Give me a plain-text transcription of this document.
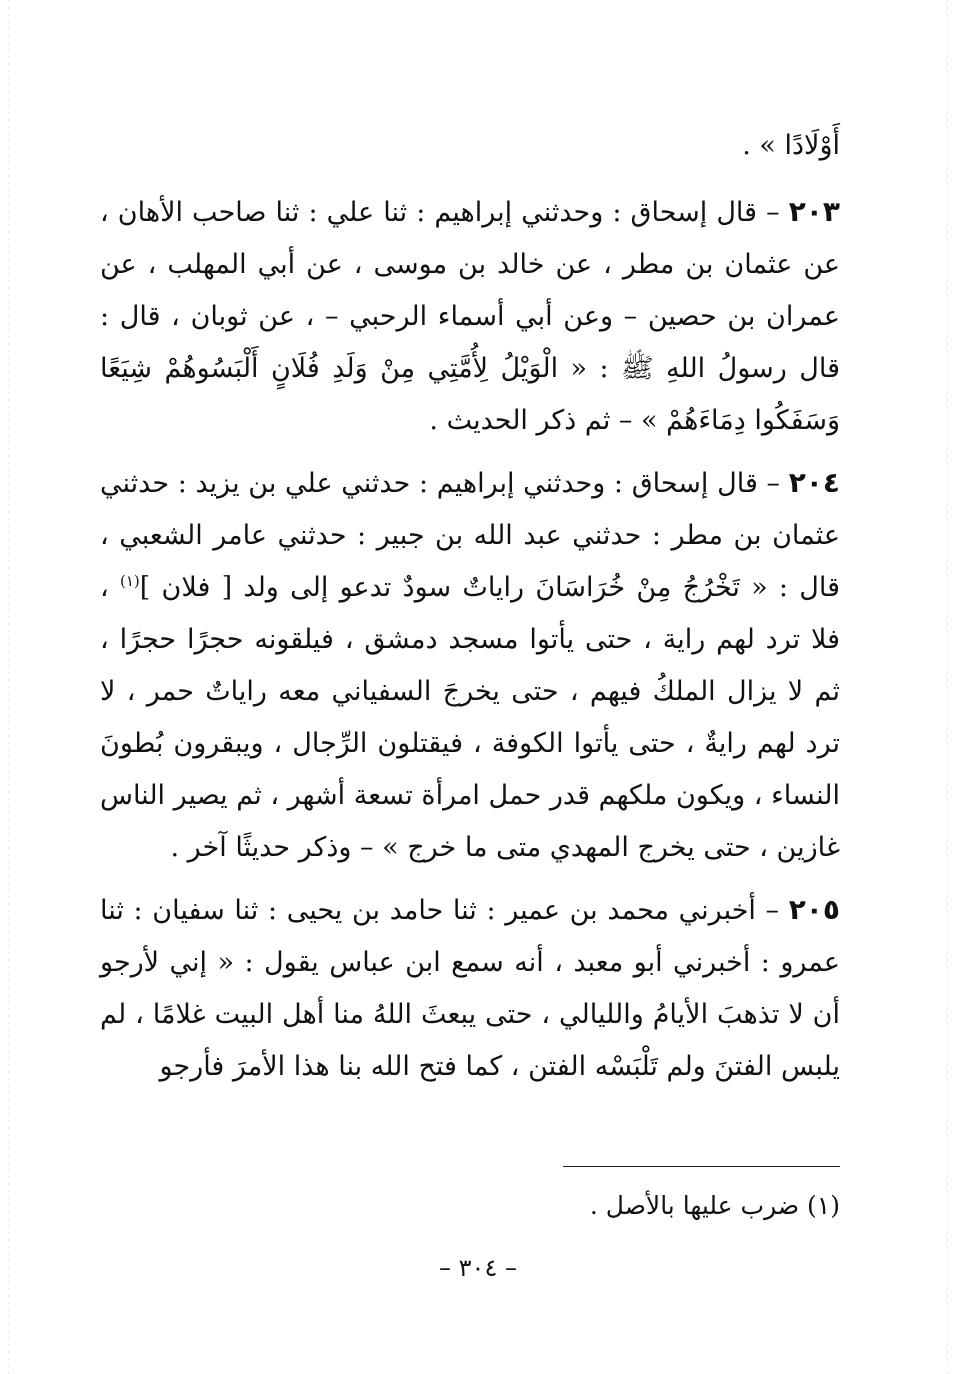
أَوْلَادًا » .

٢٠٣ – قال إسحاق : وحدثني إبراهيم : ثنا علي : ثنا صاحب الأهان ، عن عثمان بن مطر ، عن خالد بن موسى ، عن أبي المهلب ، عن عمران بن حصين – وعن أبي أسماء الرحبي – ، عن ثوبان ، قال : قال رسولُ اللهِ ﷺ : « الْوَيْلُ لِأُمَّتِي مِنْ وَلَدِ فُلَانٍ أَلْبَسُوهُمْ شِيَعًا وَسَفَكُوا دِمَاءَهُمْ » – ثم ذكر الحديث .

٢٠٤ – قال إسحاق : وحدثني إبراهيم : حدثني علي بن يزيد : حدثني عثمان بن مطر : حدثني عبد الله بن جبير : حدثني عامر الشعبي ، قال : « تَخْرُجُ مِنْ خُرَاسَانَ راياتٌ سودٌ تدعو إلى ولد [ فلان ]$^{(١)}$ ، فلا ترد لهم راية ، حتى يأتوا مسجد دمشق ، فيلقونه حجرًا حجرًا ، ثم لا يزال الملكُ فيهم ، حتى يخرجَ السفياني معه راياتٌ حمر ، لا ترد لهم رايةٌ ، حتى يأتوا الكوفة ، فيقتلون الرِّجال ، ويبقرون بُطونَ النساء ، ويكون ملكهم قدر حمل امرأة تسعة أشهر ، ثم يصير الناس غازين ، حتى يخرج المهدي متى ما خرج » – وذكر حديثًا آخر .

٢٠٥ – أخبرني محمد بن عمير : ثنا حامد بن يحيى : ثنا سفيان : ثنا عمرو : أخبرني أبو معبد ، أنه سمع ابن عباس يقول : « إني لأرجو أن لا تذهبَ الأيامُ والليالي ، حتى يبعثَ اللهُ منا أهل البيت غلامًا ، لم يلبس الفتنَ ولم تَلْبَسْه الفتن ، كما فتح الله بنا هذا الأمرَ فأرجو

(١) ضرب عليها بالأصل .
– ٣٠٤ –
